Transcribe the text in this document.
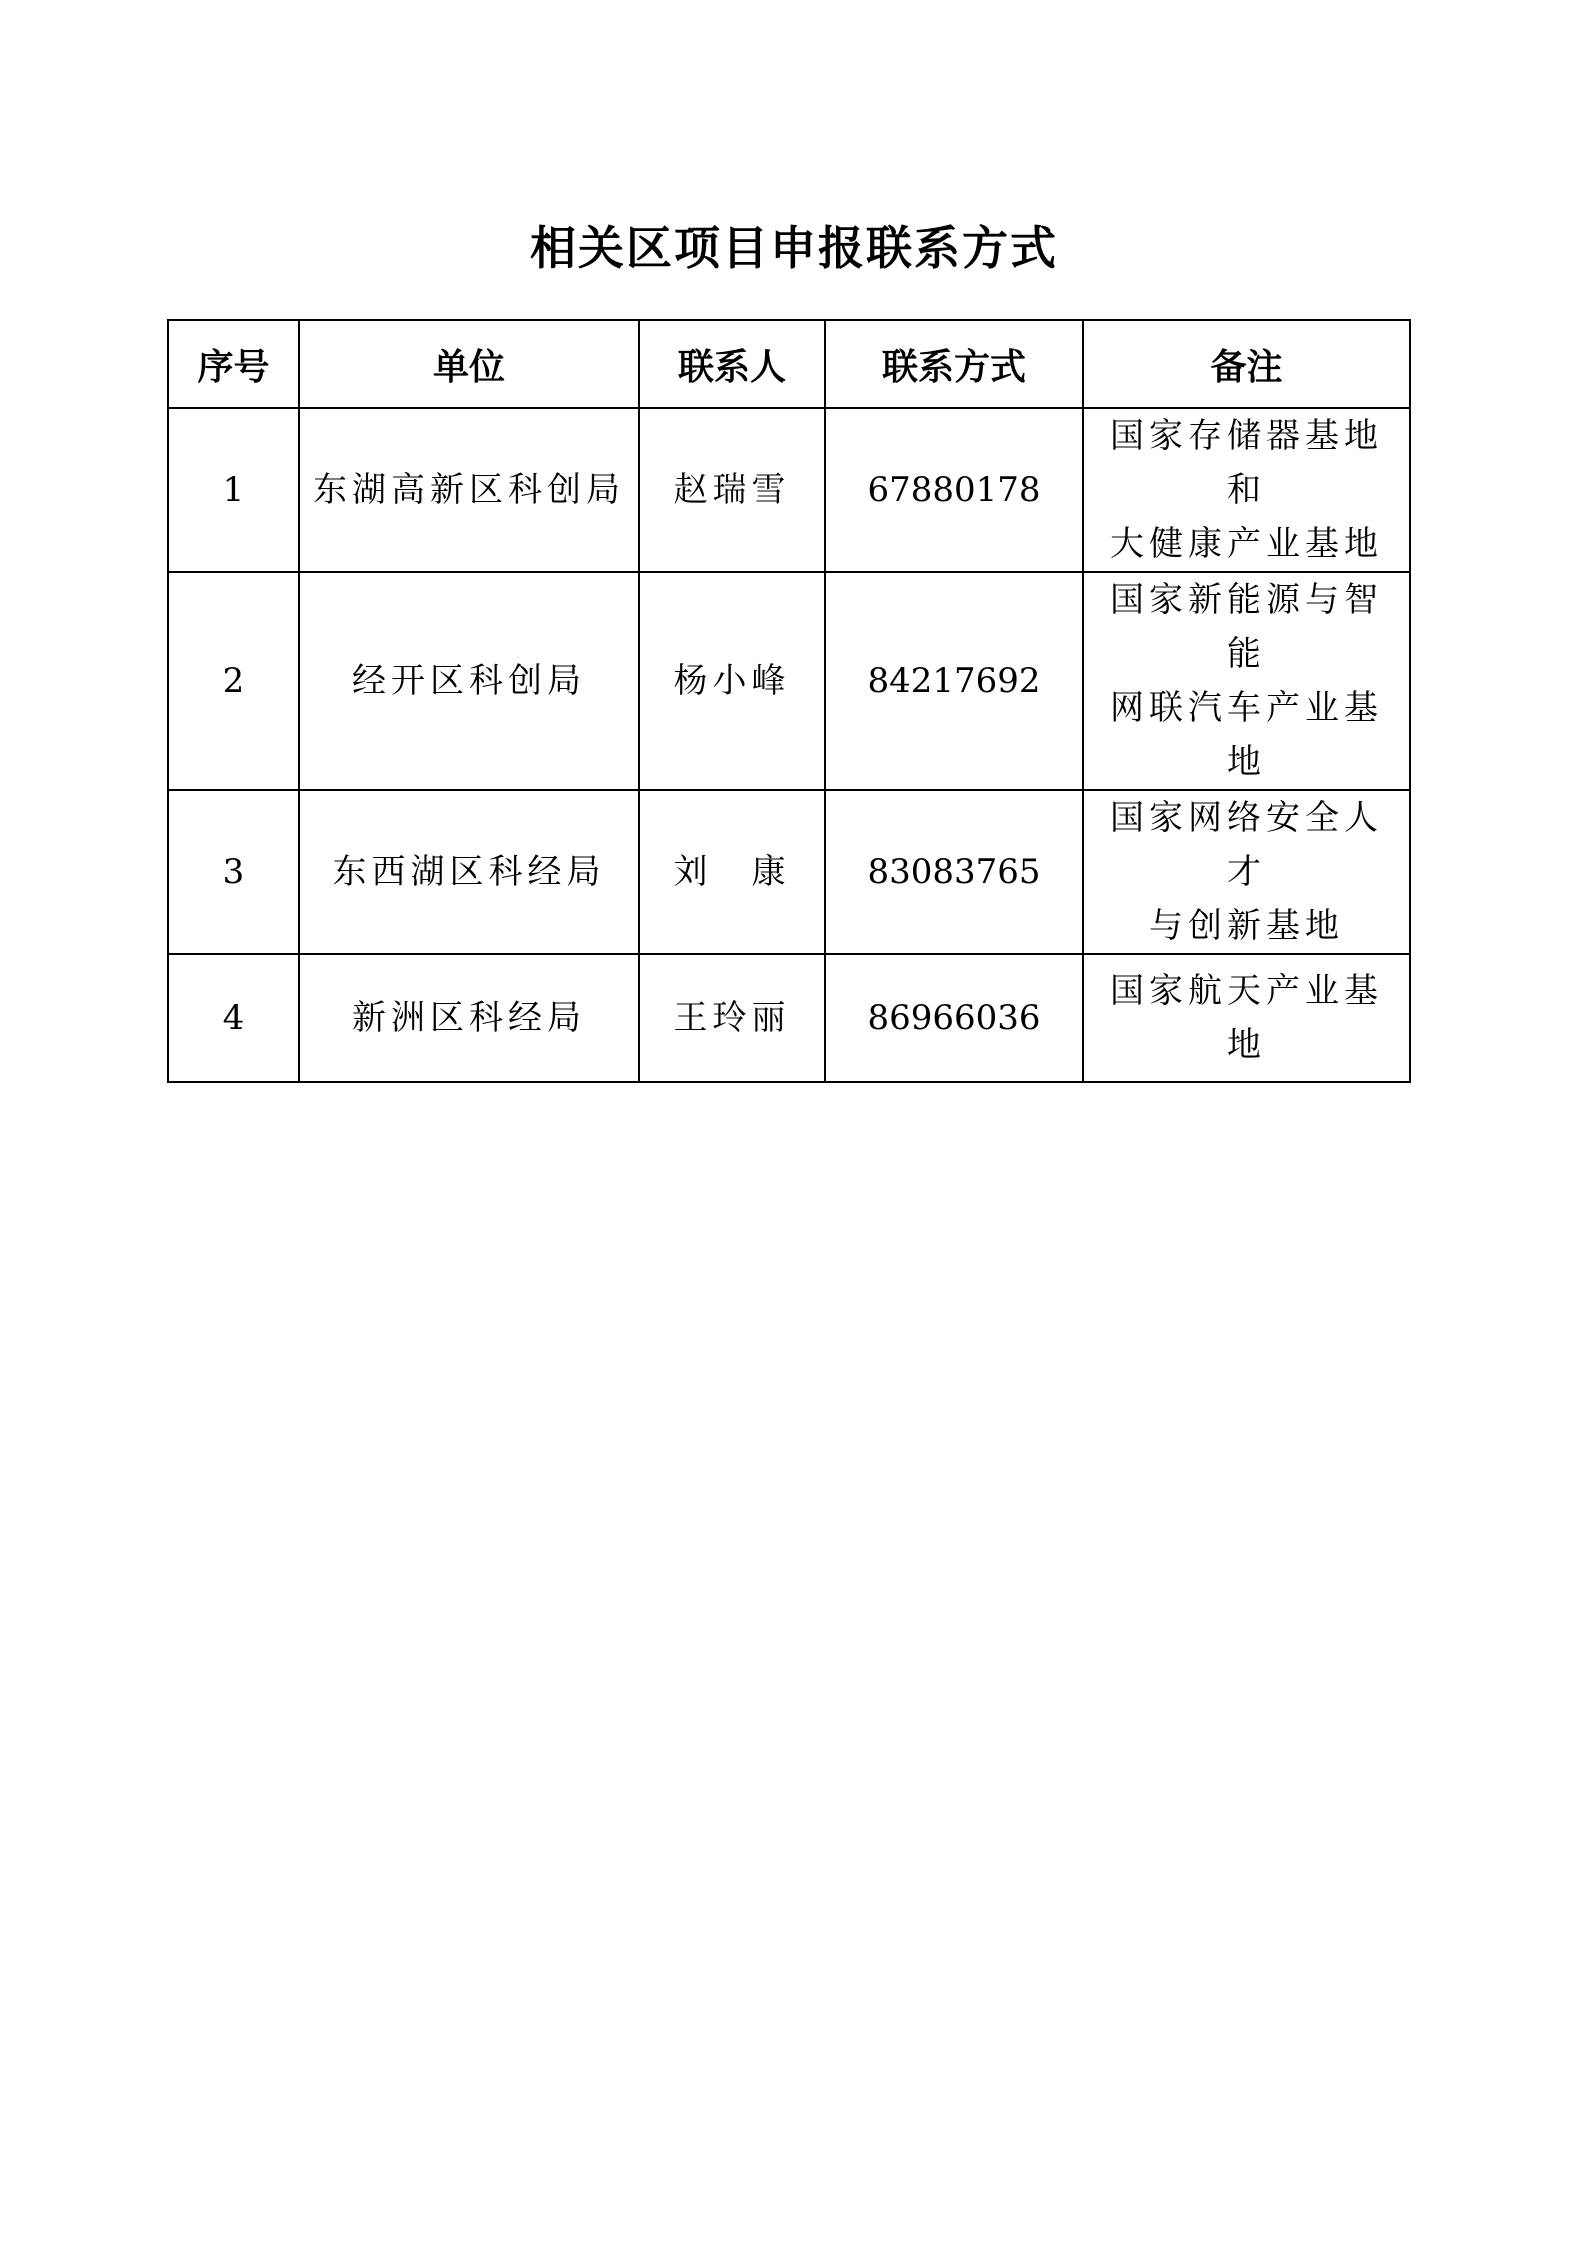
相关区项目申报联系方式
序号	单位	联系人	联系方式	备注
1	东湖高新区科创局	赵瑞雪	67880178	国家存储器基地和
大健康产业基地

2	经开区科创局	杨小峰	84217692	国家新能源与智能
网联汽车产业基地

3	东西湖区科经局	刘　康	83083765	国家网络安全人才
与创新基地

4	新洲区科经局	王玲丽	86966036	国家航天产业基地
